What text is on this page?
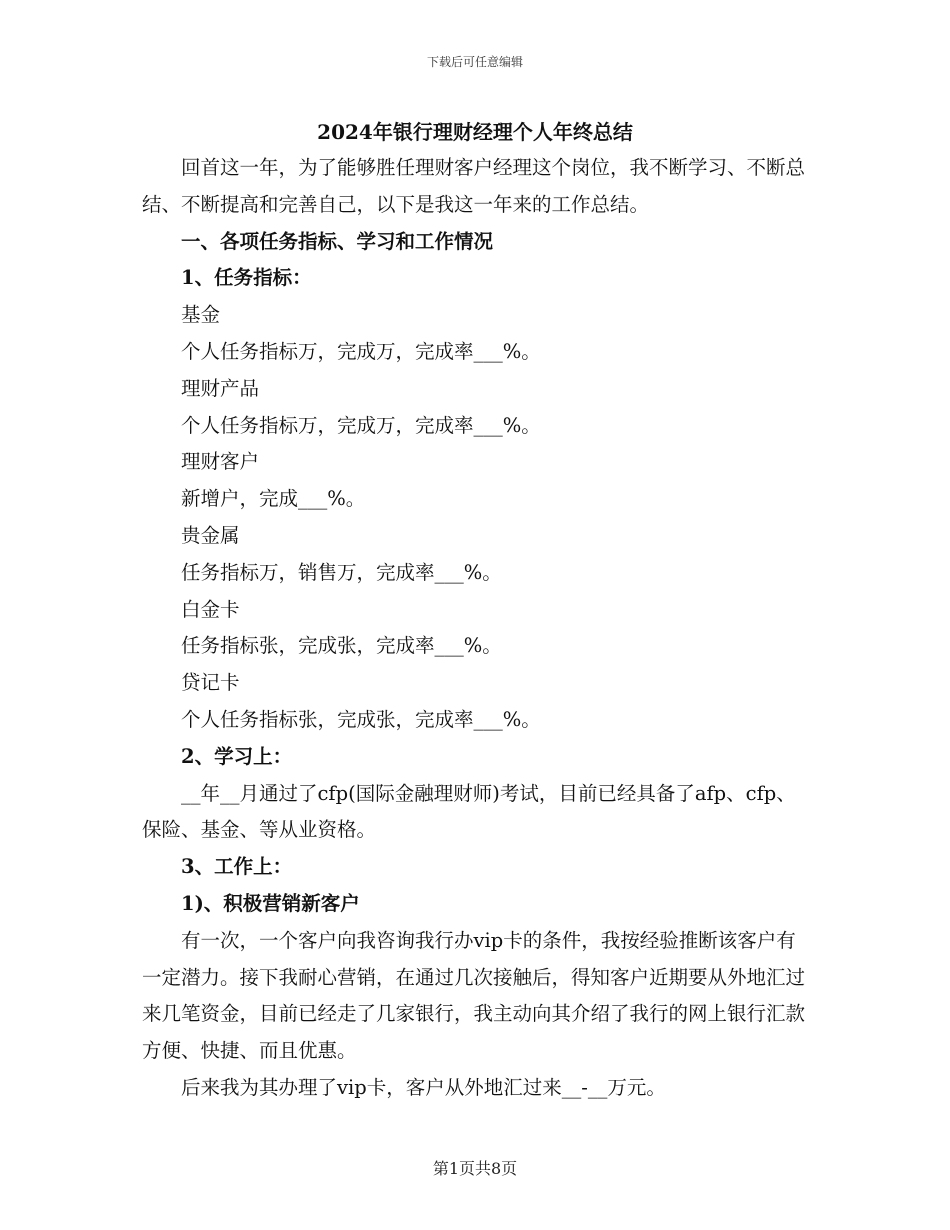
下载后可任意编辑
2024年银行理财经理个人年终总结

回首这一年，为了能够胜任理财客户经理这个岗位，我不断学习、不断总结、不断提高和完善自己，以下是我这一年来的工作总结。

一、各项任务指标、学习和工作情况

1、任务指标：

基金

个人任务指标万，完成万，完成率___%。

理财产品

个人任务指标万，完成万，完成率___%。

理财客户

新增户，完成___%。

贵金属

任务指标万，销售万，完成率___%。

白金卡

任务指标张，完成张，完成率___%。

贷记卡

个人任务指标张，完成张，完成率___%。

2、学习上：

__年__月通过了cfp(国际金融理财师)考试，目前已经具备了afp、cfp、保险、基金、等从业资格。

3、工作上：

1)、积极营销新客户

有一次，一个客户向我咨询我行办vip卡的条件，我按经验推断该客户有一定潜力。接下我耐心营销，在通过几次接触后，得知客户近期要从外地汇过来几笔资金，目前已经走了几家银行，我主动向其介绍了我行的网上银行汇款方便、快捷、而且优惠。

后来我为其办理了vip卡，客户从外地汇过来__-__万元。

第1页共8页
